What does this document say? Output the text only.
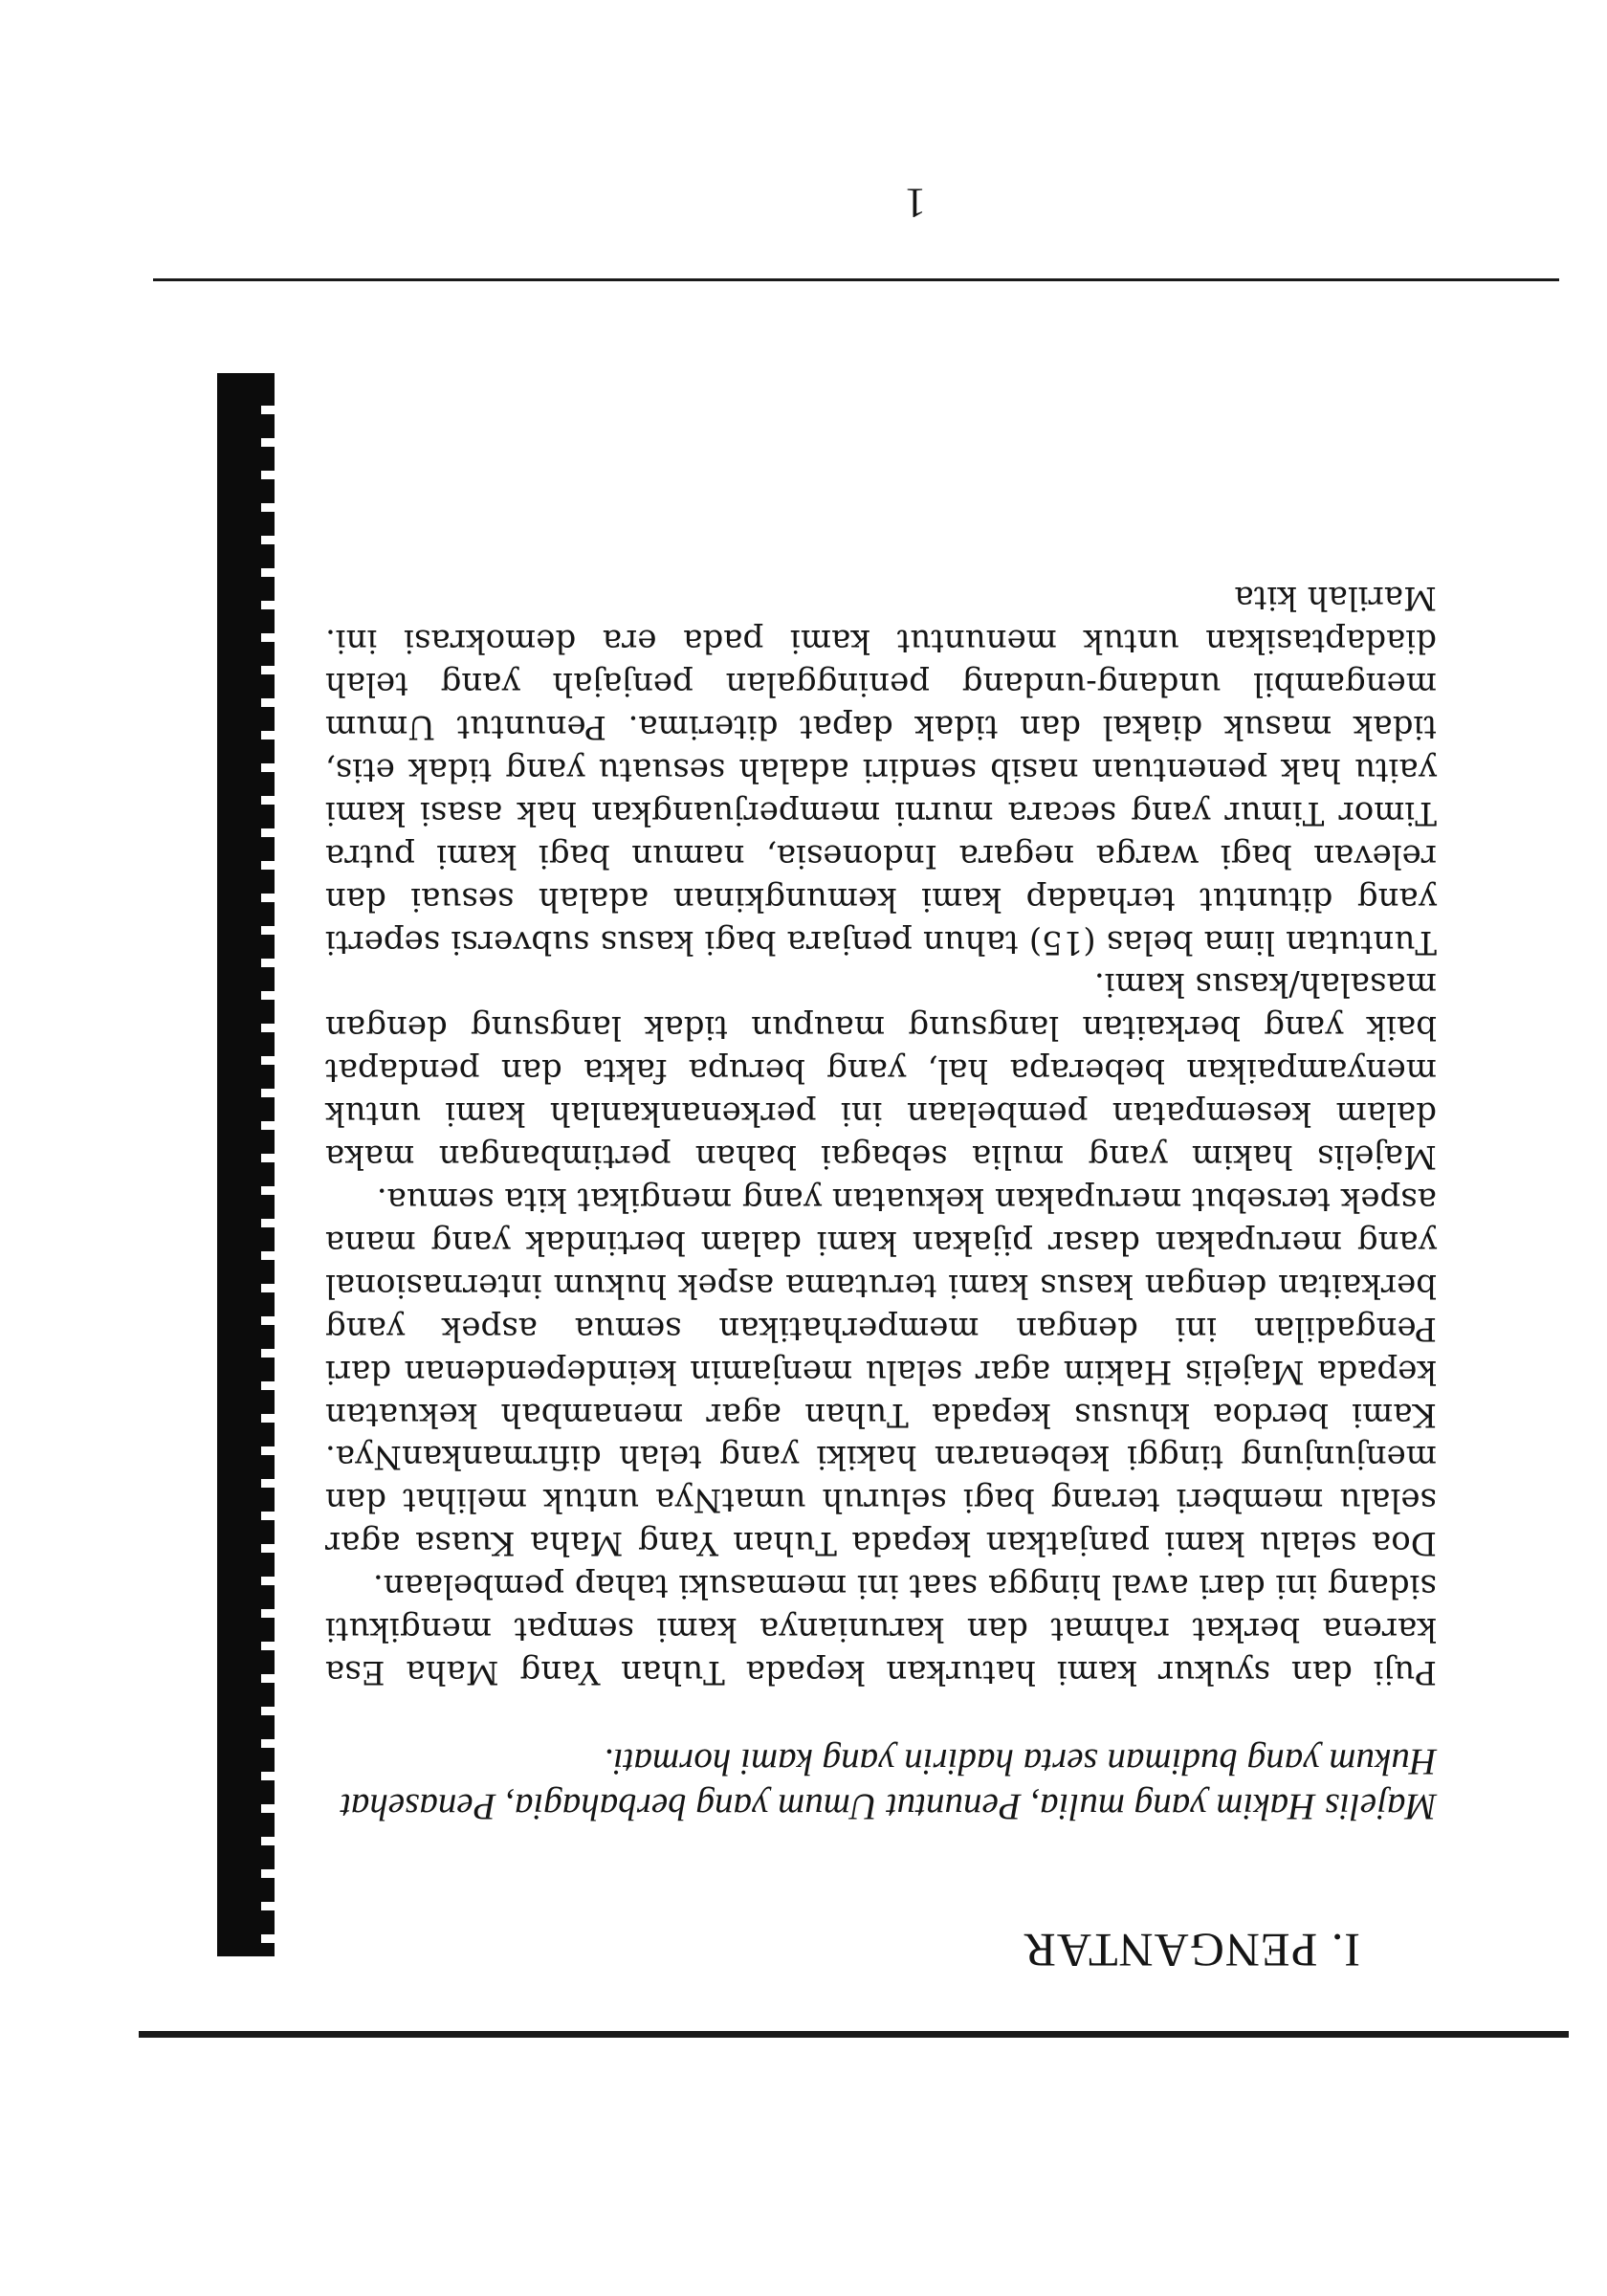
I. PENGANTAR
Majelis Hakim yang mulia, Penuntut Umum yang berbahagia, Penasehat Hukum yang budiman serta hadirin yang kami hormati.

Puji dan syukur kami haturkan kepada Tuhan Yang Maha Esa karena berkat rahmat dan karunianya kami sempat mengikuti sidang ini dari awal hingga saat ini memasuki tahap pembelaan.

Doa selalu kami panjatkan kepada Tuhan Yang Maha Kuasa agar selalu memberi terang bagi seluruh umatNya untuk melihat dan menjunjung tinggi kebenaran hakiki yang telah difirmankanNya. Kami berdoa khusus kepada Tuhan agar menambah kekuatan kepada Majelis Hakim agar selalu menjamin keindependenan dari Pengadilan ini dengan memperhatikan semua aspek yang berkaitan dengan kasus kami terutama aspek hukum internasional yang merupakan dasar pijakan kami dalam bertindak yang mana aspek tersebut merupakan kekuatan yang mengikat kita semua.

Majelis hakim yang mulia sebagai bahan pertimbangan maka dalam kesempatan pembelaan ini perkenankanlah kami untuk menyampaikan beberapa hal, yang berupa fakta dan pendapat baik yang berkaitan langsung maupun tidak langsung dengan masalah/kasus kami.

Tuntutan lima belas (15) tahun penjara bagi kasus subversi seperti yang dituntut terhadap kami kemungkinan adalah sesuai dan relevan bagi warga negara Indonesia, namun bagi kami putra Timor Timur yang secara murni memperjuangkan hak asasi kami yaitu hak penentuan nasib sendiri adalah sesuatu yang tidak etis, tidak masuk diakal dan tidak dapat diterima. Penuntut Umum mengambil undang-undang peninggalan penjajah yang telah diadaptasikan untuk menuntut kami pada era demokrasi ini. Marilah kita

1
